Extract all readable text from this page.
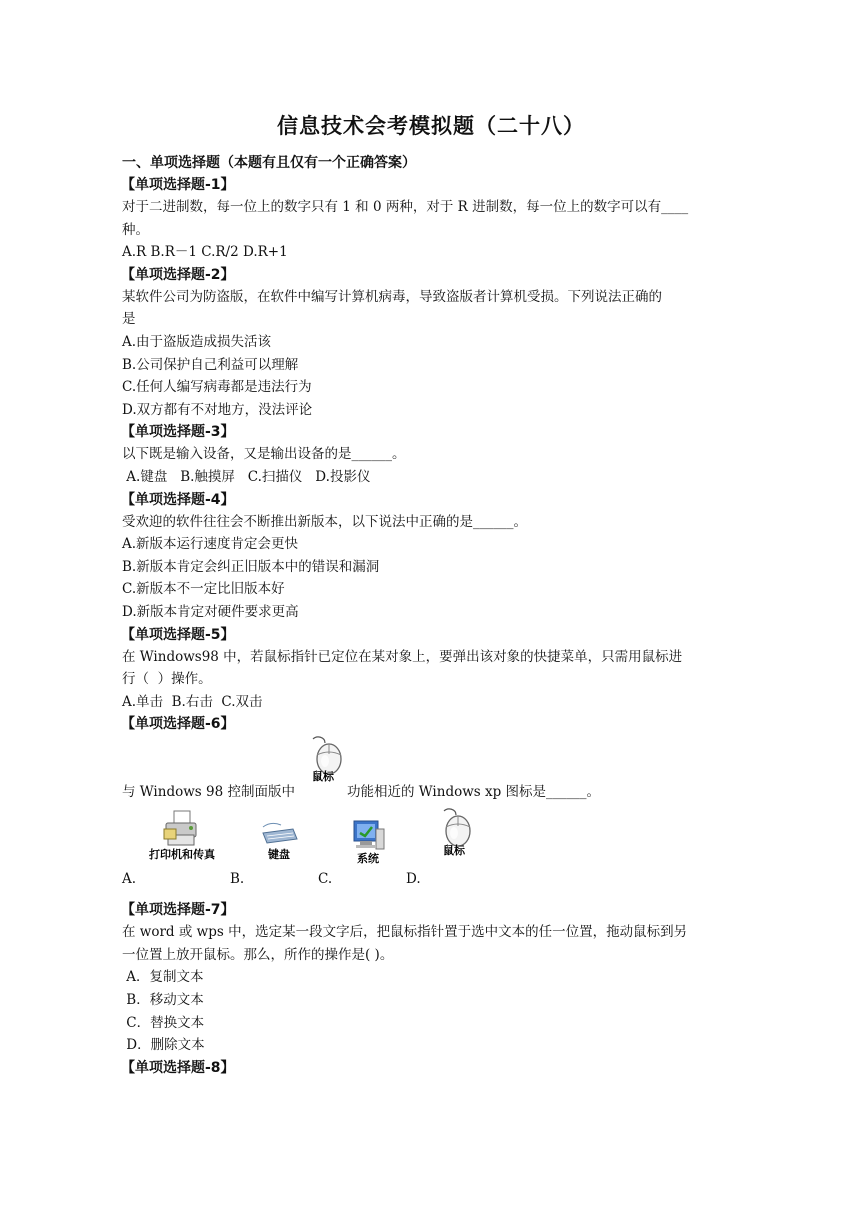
信息技术会考模拟题（二十八）
一、单项选择题（本题有且仅有一个正确答案）
【单项选择题-1】
对于二进制数，每一位上的数字只有 1 和 0 两种，对于 R 进制数，每一位上的数字可以有____
种。
A.R B.R－1 C.R/2 D.R+1
【单项选择题-2】
某软件公司为防盗版，在软件中编写计算机病毒，导致盗版者计算机受损。下列说法正确的
是
A.由于盗版造成损失活该
B.公司保护自己利益可以理解
C.任何人编写病毒都是违法行为
D.双方都有不对地方，没法评论
【单项选择题-3】
以下既是输入设备，又是输出设备的是______。
A.键盘   B.触摸屏   C.扫描仪   D.投影仪
【单项选择题-4】
受欢迎的软件往往会不断推出新版本，以下说法中正确的是______。
A.新版本运行速度肯定会更快
B.新版本肯定会纠正旧版本中的错误和漏洞
C.新版本不一定比旧版本好
D.新版本肯定对硬件要求更高
【单项选择题-5】
在 Windows98 中，若鼠标指针已定位在某对象上，要弹出该对象的快捷菜单，只需用鼠标进
行（  ）操作。
A.单击  B.右击  C.双击
【单项选择题-6】
与 Windows 98 控制面版中
鼠标
功能相近的 Windows xp 图标是______。
打印机和传真
A.
键盘
B.
系统
C.
鼠标
D.
【单项选择题-7】
在 word 或 wps 中，选定某一段文字后，把鼠标指针置于选中文本的任一位置，拖动鼠标到另
一位置上放开鼠标。那么，所作的操作是( )。
A．复制文本
B．移动文本
C．替换文本
D．删除文本
【单项选择题-8】
